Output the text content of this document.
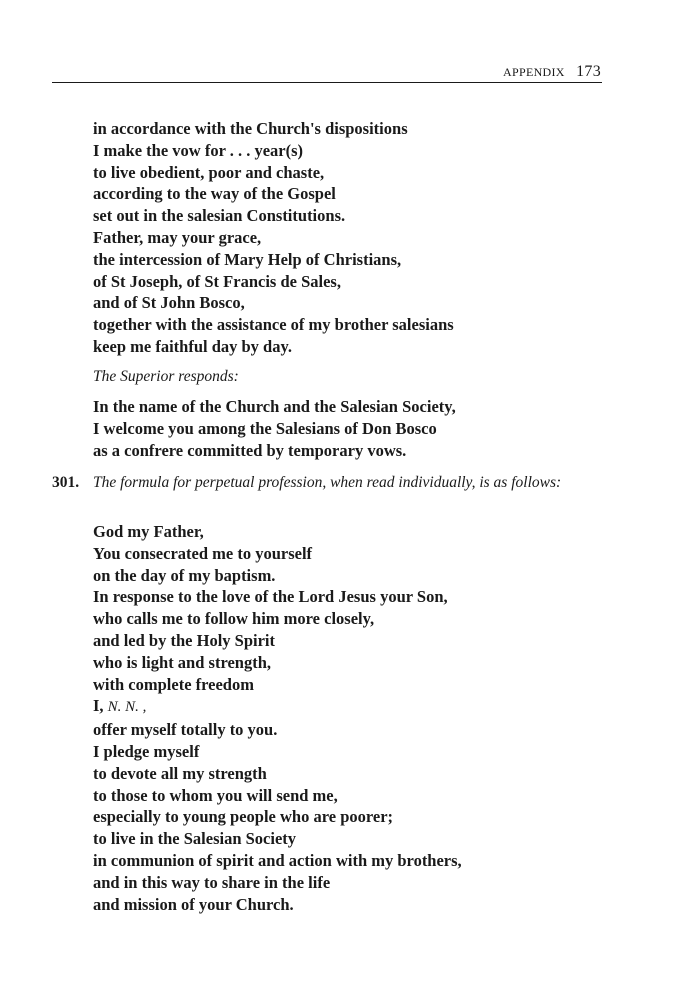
APPENDIX 173
in accordance with the Church's dispositions
I make the vow for . . . year(s)
to live obedient, poor and chaste,
according to the way of the Gospel
set out in the salesian Constitutions.
Father, may your grace,
the intercession of Mary Help of Christians,
of St Joseph, of St Francis de Sales,
and of St John Bosco,
together with the assistance of my brother salesians
keep me faithful day by day.
The Superior responds:
In the name of the Church and the Salesian Society,
I welcome you among the Salesians of Don Bosco
as a confrere committed by temporary vows.
301. The formula for perpetual profession, when read individually, is as follows:
God my Father,
You consecrated me to yourself
on the day of my baptism.
In response to the love of the Lord Jesus your Son,
who calls me to follow him more closely,
and led by the Holy Spirit
who is light and strength,
with complete freedom
I, N. N. ,
offer myself totally to you.
I pledge myself
to devote all my strength
to those to whom you will send me,
especially to young people who are poorer;
to live in the Salesian Society
in communion of spirit and action with my brothers,
and in this way to share in the life
and mission of your Church.
